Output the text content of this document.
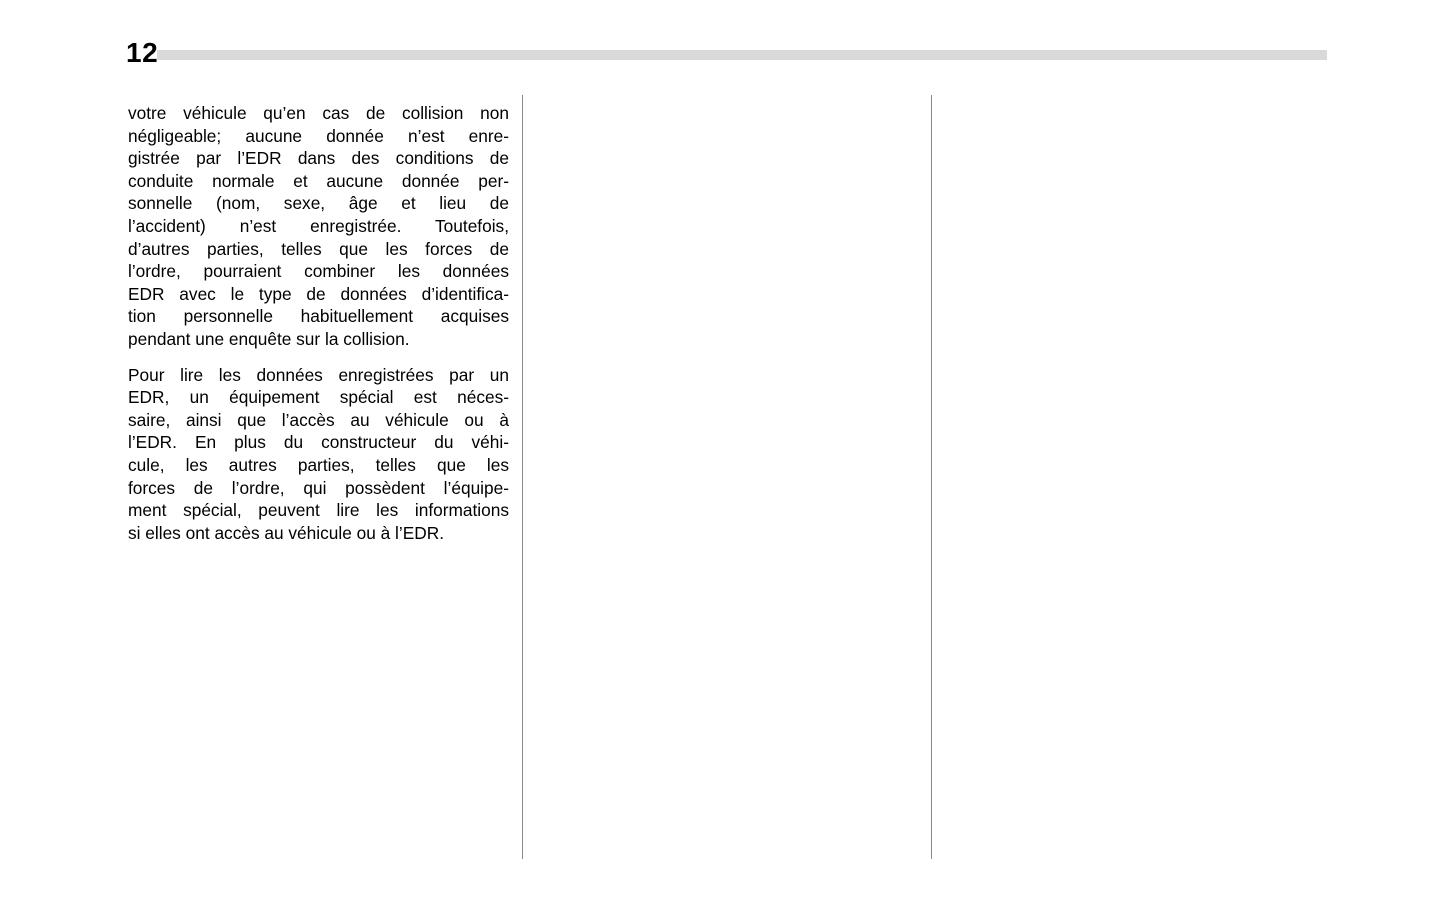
12
votre véhicule qu’en cas de collision non
négligeable; aucune donnée n’est enre-
gistrée par l’EDR dans des conditions de
conduite normale et aucune donnée per-
sonnelle (nom, sexe, âge et lieu de
l’accident) n’est enregistrée. Toutefois,
d’autres parties, telles que les forces de
l’ordre, pourraient combiner les données
EDR avec le type de données d’identifica-
tion personnelle habituellement acquises
pendant une enquête sur la collision.
Pour lire les données enregistrées par un
EDR, un équipement spécial est néces-
saire, ainsi que l’accès au véhicule ou à
l’EDR. En plus du constructeur du véhi-
cule, les autres parties, telles que les
forces de l’ordre, qui possèdent l’équipe-
ment spécial, peuvent lire les informations
si elles ont accès au véhicule ou à l’EDR.
